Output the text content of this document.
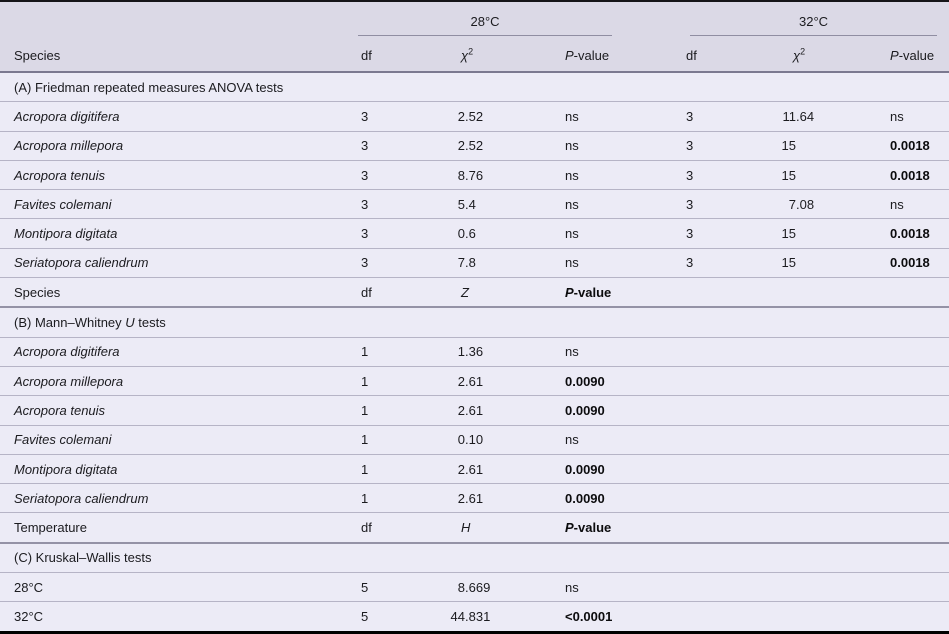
	28°C			32°C		

Species	df	$\chi^2$	P-value	df	$\chi^2$	P-value
(A) Friedman repeated measures ANOVA tests						
Acropora digitifera	3	2.52	ns	3	11.64	ns
Acropora millepora	3	2.52	ns	3	15	0.0018
Acropora tenuis	3	8.76	ns	3	15	0.0018
Favites colemani	3	5.4	ns	3	7.08	ns
Montipora digitata	3	0.6	ns	3	15	0.0018
Seriatopora caliendrum	3	7.8	ns	3	15	0.0018
Species	df	Z	P-value			
(B) Mann–Whitney U tests						
Acropora digitifera	1	1.36	ns			
Acropora millepora	1	2.61	0.0090			
Acropora tenuis	1	2.61	0.0090			
Favites colemani	1	0.10	ns			
Montipora digitata	1	2.61	0.0090			
Seriatopora caliendrum	1	2.61	0.0090			
Temperature	df	H	P-value			
(C) Kruskal–Wallis tests						
28°C	5	8.669	ns			
32°C	5	44.831	<0.0001			
